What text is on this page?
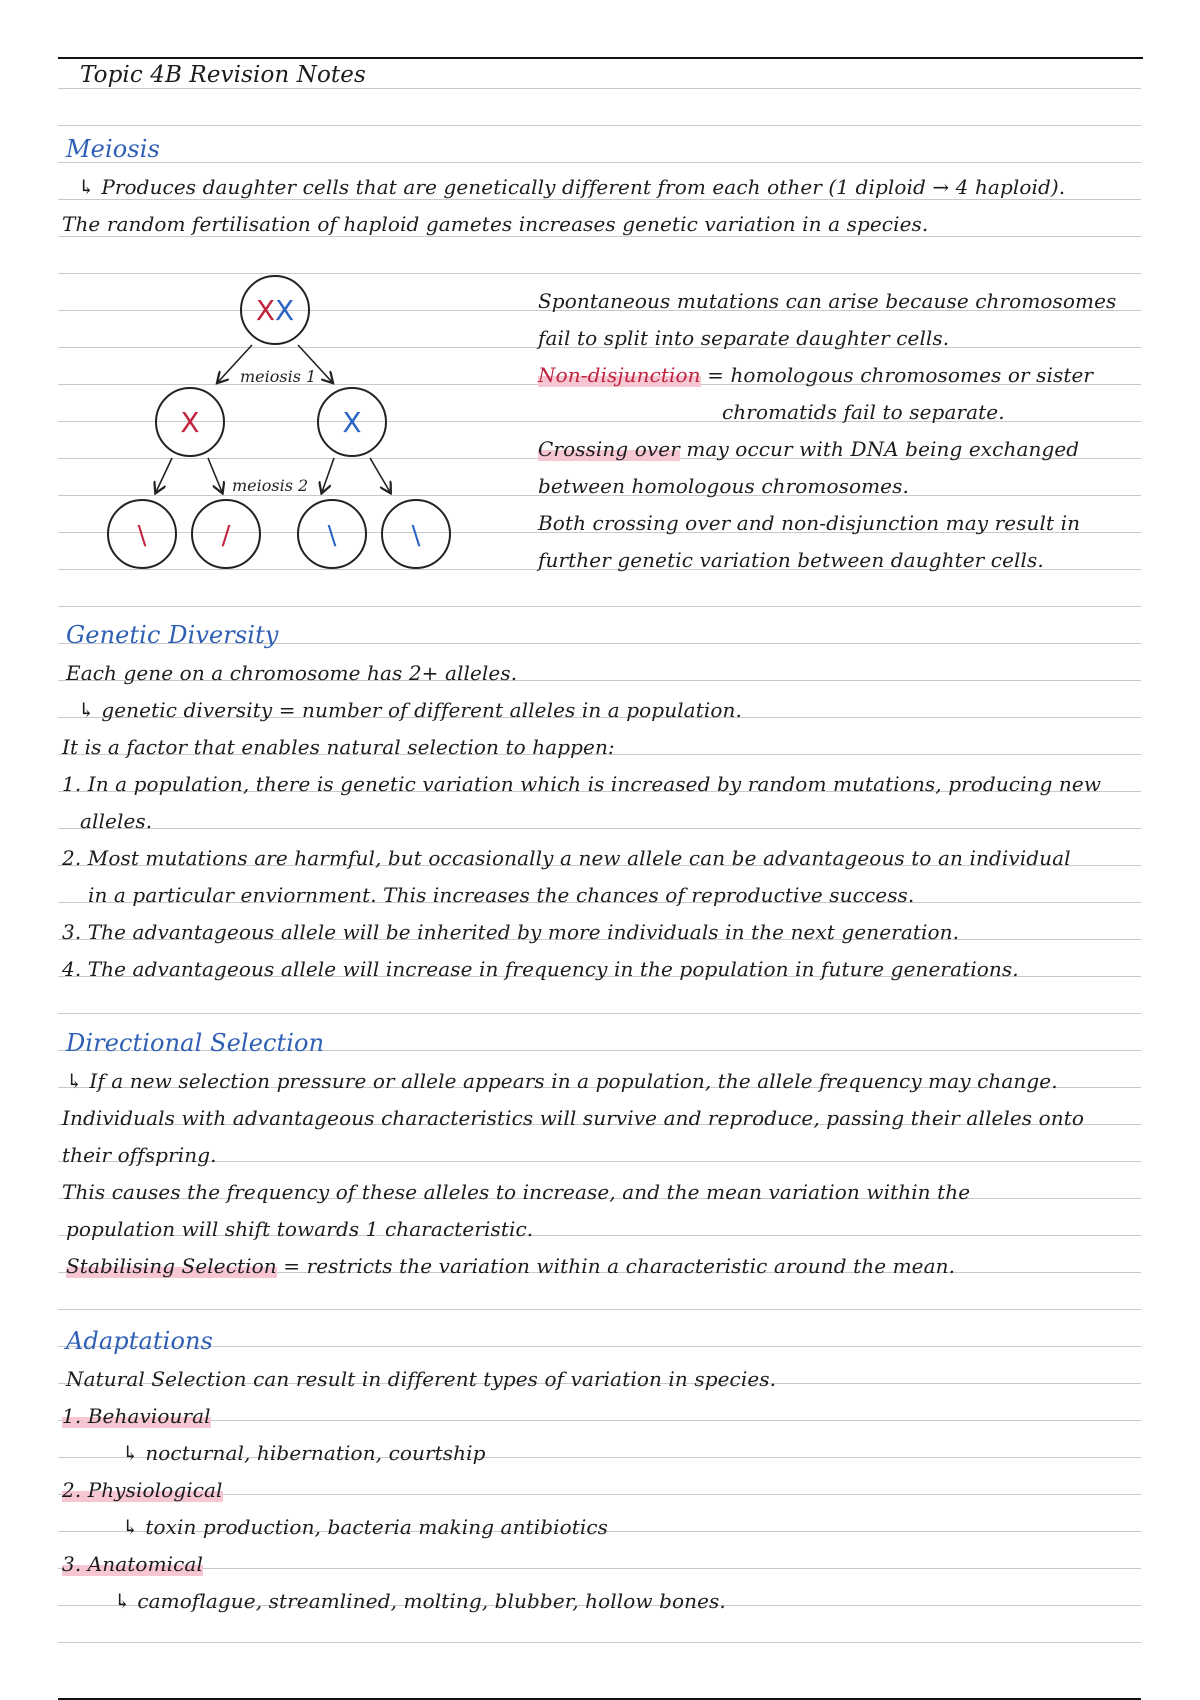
Topic 4B Revision Notes
Meiosis
↳ Produces daughter cells that are genetically different from each other (1 diploid → 4 haploid).
The random fertilisation of haploid gametes increases genetic variation in a species.
XX
meiosis 1
X	X
meiosis 2
\	/	\	\
Spontaneous mutations can arise because chromosomes
fail to split into separate daughter cells.
Non-disjunction = homologous chromosomes or sister
chromatids fail to separate.
Crossing over may occur with DNA being exchanged
between homologous chromosomes.
Both crossing over and non-disjunction may result in
further genetic variation between daughter cells.
Genetic Diversity
Each gene on a chromosome has 2+ alleles.
↳ genetic diversity = number of different alleles in a population.
It is a factor that enables natural selection to happen:
1. In a population, there is genetic variation which is increased by random mutations, producing new
alleles.
2. Most mutations are harmful, but occasionally a new allele can be advantageous to an individual
in a particular enviornment. This increases the chances of reproductive success.
3. The advantageous allele will be inherited by more individuals in the next generation.
4. The advantageous allele will increase in frequency in the population in future generations.
Directional Selection
↳ If a new selection pressure or allele appears in a population, the allele frequency may change.
Individuals with advantageous characteristics will survive and reproduce, passing their alleles onto
their offspring.
This causes the frequency of these alleles to increase, and the mean variation within the
population will shift towards 1 characteristic.
Stabilising Selection = restricts the variation within a characteristic around the mean.
Adaptations
Natural Selection can result in different types of variation in species.
1. Behavioural
↳ nocturnal, hibernation, courtship
2. Physiological
↳ toxin production, bacteria making antibiotics
3. Anatomical
↳ camoflague, streamlined, molting, blubber, hollow bones.
